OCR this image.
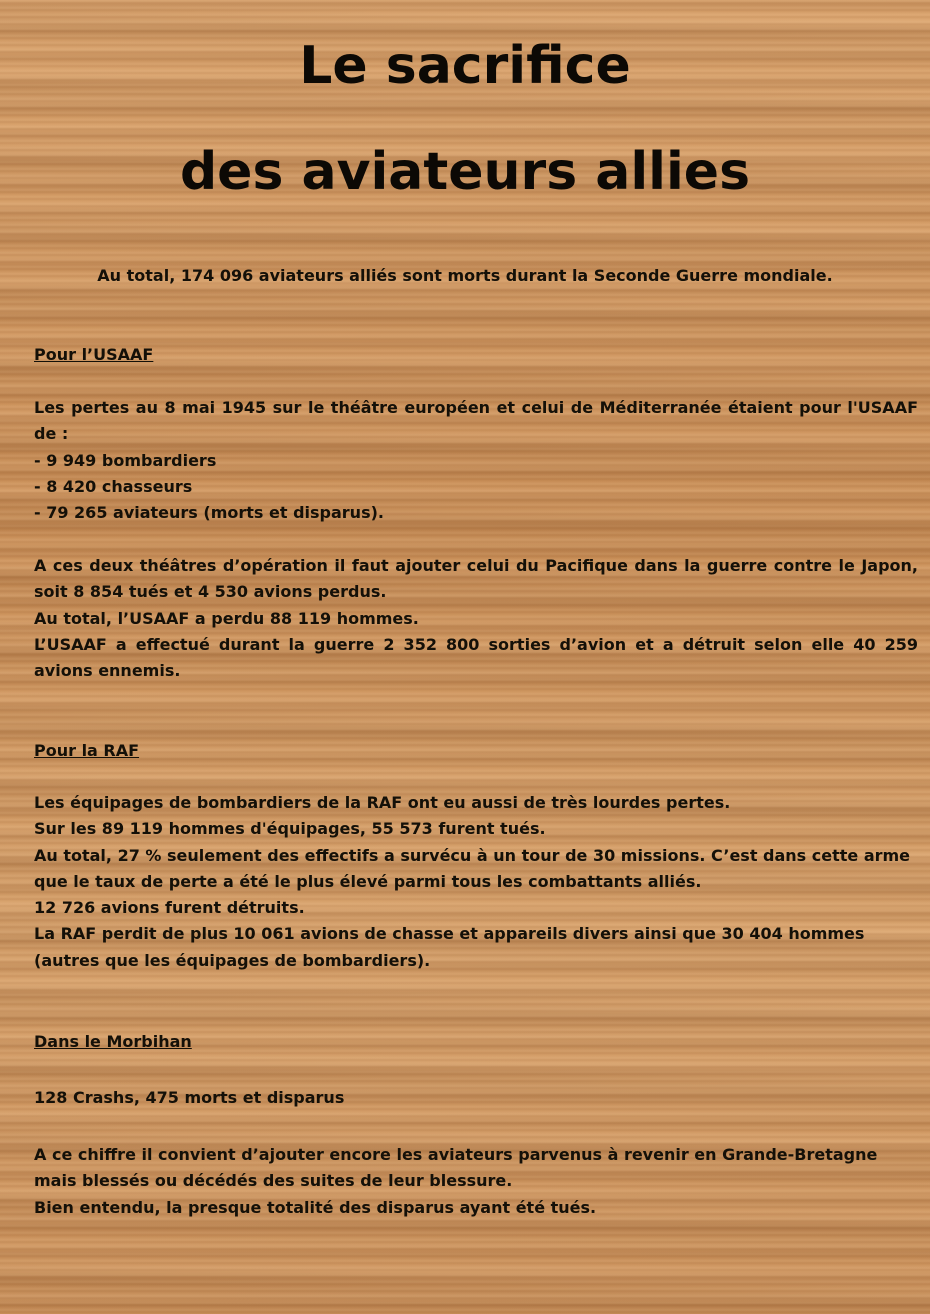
Le sacrifice
des aviateurs allies

Au total, 174 096 aviateurs alliés sont morts durant la Seconde Guerre mondiale.

Pour l’USAAF

Les pertes au 8 mai 1945 sur le théâtre européen et celui de Méditerranée étaient pour l'USAAF de :
- 9 949 bombardiers
- 8 420 chasseurs
- 79 265 aviateurs (morts et disparus).
A ces deux théâtres d’opération il faut ajouter celui du Pacifique dans la guerre contre le Japon, soit 8 854 tués et 4 530 avions perdus.
Au total, l’USAAF a perdu 88 119 hommes.
L’USAAF a effectué durant la guerre 2 352 800 sorties d’avion et a détruit selon elle 40 259 avions ennemis.

Pour la RAF

Les équipages de bombardiers de la RAF ont eu aussi de très lourdes pertes.
Sur les 89 119 hommes d'équipages, 55 573 furent tués.
Au total, 27 % seulement des effectifs a survécu à un tour de 30 missions. C’est dans cette arme que le taux de perte a été le plus élevé parmi tous les combattants alliés.
12 726 avions furent détruits.
La RAF perdit de plus 10 061 avions de chasse et appareils divers ainsi que 30 404 hommes (autres que les équipages de bombardiers).

Dans le Morbihan

128 Crashs, 475 morts et disparus

A ce chiffre il convient d’ajouter encore les aviateurs parvenus à revenir en Grande-Bretagne mais blessés ou décédés des suites de leur blessure.
Bien entendu, la presque totalité des disparus ayant été tués.
